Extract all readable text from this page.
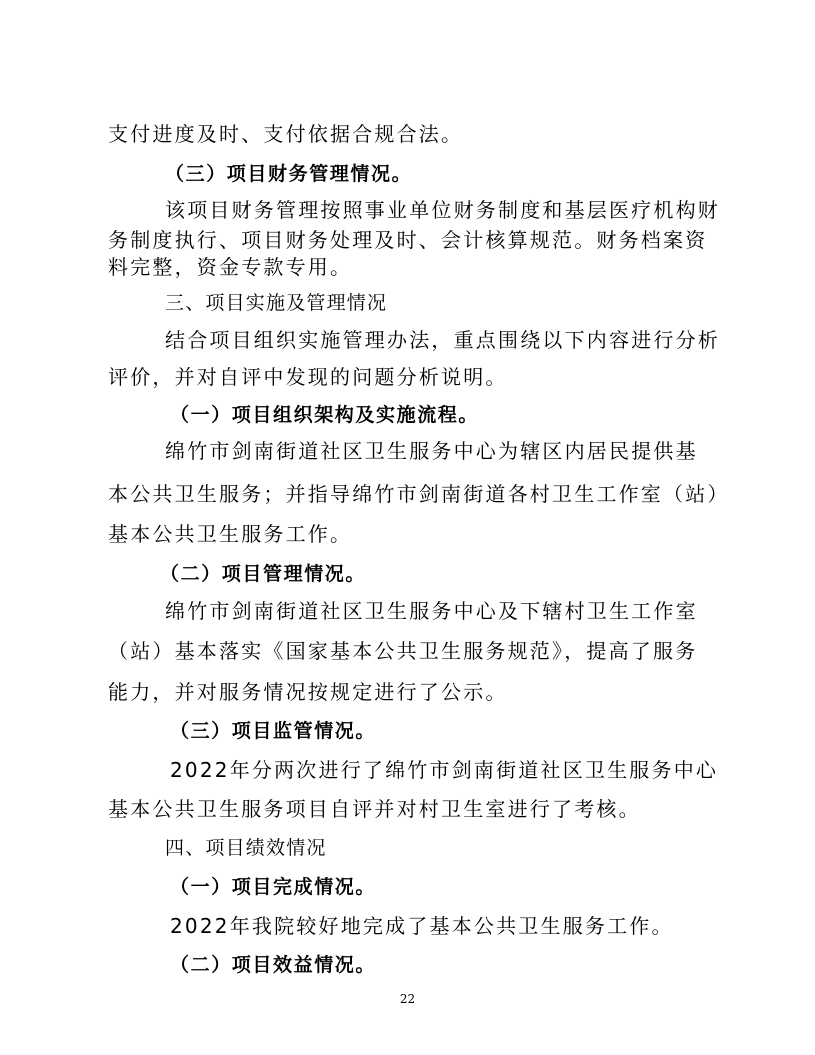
支付进度及时、支付依据合规合法。
（三）项目财务管理情况。
该项目财务管理按照事业单位财务制度和基层医疗机构财
务制度执行、项目财务处理及时、会计核算规范。财务档案资
料完整，资金专款专用。
三、项目实施及管理情况
结合项目组织实施管理办法，重点围绕以下内容进行分析
评价，并对自评中发现的问题分析说明。
（一）项目组织架构及实施流程。
绵竹市剑南街道社区卫生服务中心为辖区内居民提供基
本公共卫生服务；并指导绵竹市剑南街道各村卫生工作室（站）
基本公共卫生服务工作。
（二）项目管理情况。
绵竹市剑南街道社区卫生服务中心及下辖村卫生工作室
（站）基本落实《国家基本公共卫生服务规范》，提高了服务
能力，并对服务情况按规定进行了公示。
（三）项目监管情况。
2022年分两次进行了绵竹市剑南街道社区卫生服务中心
基本公共卫生服务项目自评并对村卫生室进行了考核。
四、项目绩效情况
（一）项目完成情况。
2022年我院较好地完成了基本公共卫生服务工作。
（二）项目效益情况。
22
